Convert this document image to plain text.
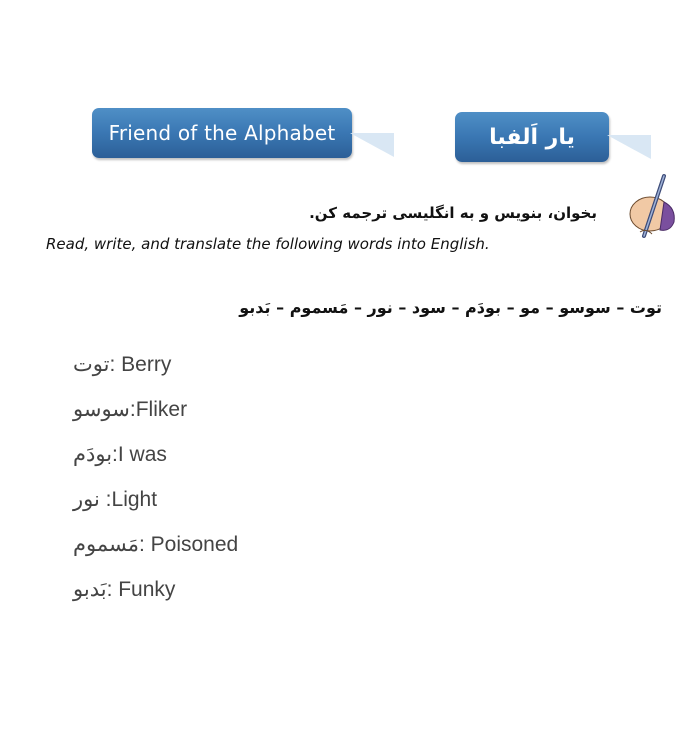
Friend of the Alphabet	یار اَلفبا
بخوان، بنویس و به انگلیسی ترجمه کن.
Read, write, and translate the following words into English.
توت – سوسو – مو – بودَم – سود – نور – مَسموم – بَدبو
توت: Berry
سوسو:Fliker
بودَم:I was
نور :Light
مَسموم: Poisoned
بَدبو: Funky
